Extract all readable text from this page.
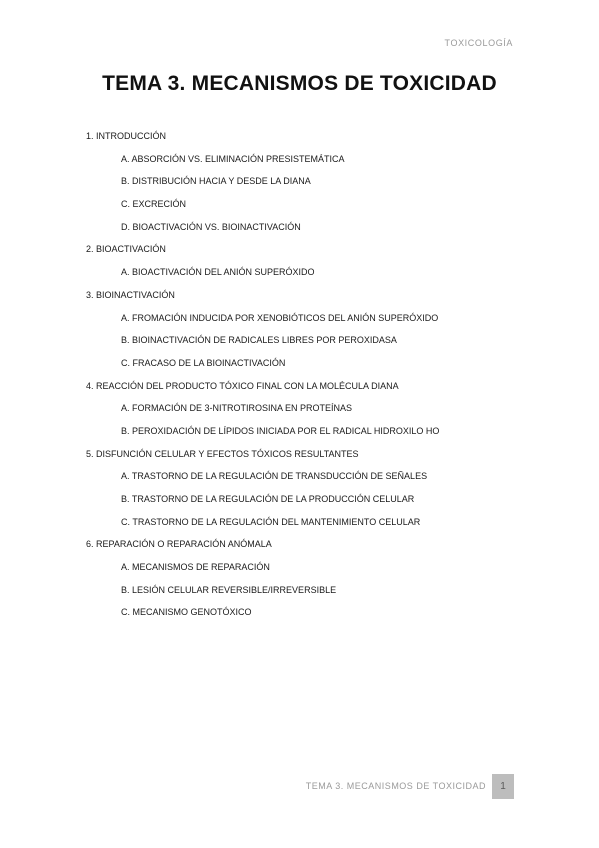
TOXICOLOGÍA
TEMA 3. MECANISMOS DE TOXICIDAD
1. INTRODUCCIÓN
A. ABSORCIÓN VS. ELIMINACIÓN PRESISTEMÁTICA
B. DISTRIBUCIÓN HACIA Y DESDE LA DIANA
C. EXCRECIÓN
D. BIOACTIVACIÓN VS. BIOINACTIVACIÓN
2. BIOACTIVACIÓN
A. BIOACTIVACIÓN DEL ANIÓN SUPERÓXIDO
3. BIOINACTIVACIÓN
A. FROMACIÓN INDUCIDA POR XENOBIÓTICOS DEL ANIÓN SUPERÓXIDO
B. BIOINACTIVACIÓN DE RADICALES LIBRES POR PEROXIDASA
C. FRACASO DE LA BIOINACTIVACIÓN
4. REACCIÓN DEL PRODUCTO TÓXICO FINAL CON LA MOLÉCULA DIANA
A. FORMACIÓN DE 3-NITROTIROSINA EN PROTEÍNAS
B. PEROXIDACIÓN DE LÍPIDOS INICIADA POR EL RADICAL HIDROXILO HO
5. DISFUNCIÓN CELULAR Y EFECTOS TÓXICOS RESULTANTES
A. TRASTORNO DE LA REGULACIÓN DE TRANSDUCCIÓN DE SEÑALES
B. TRASTORNO DE LA REGULACIÓN DE LA PRODUCCIÓN CELULAR
C. TRASTORNO DE LA REGULACIÓN DEL MANTENIMIENTO CELULAR
6. REPARACIÓN O REPARACIÓN ANÓMALA
A. MECANISMOS DE REPARACIÓN
B. LESIÓN CELULAR REVERSIBLE/IRREVERSIBLE
C. MECANISMO GENOTÓXICO
TEMA 3. MECANISMOS DE TOXICIDAD	1
